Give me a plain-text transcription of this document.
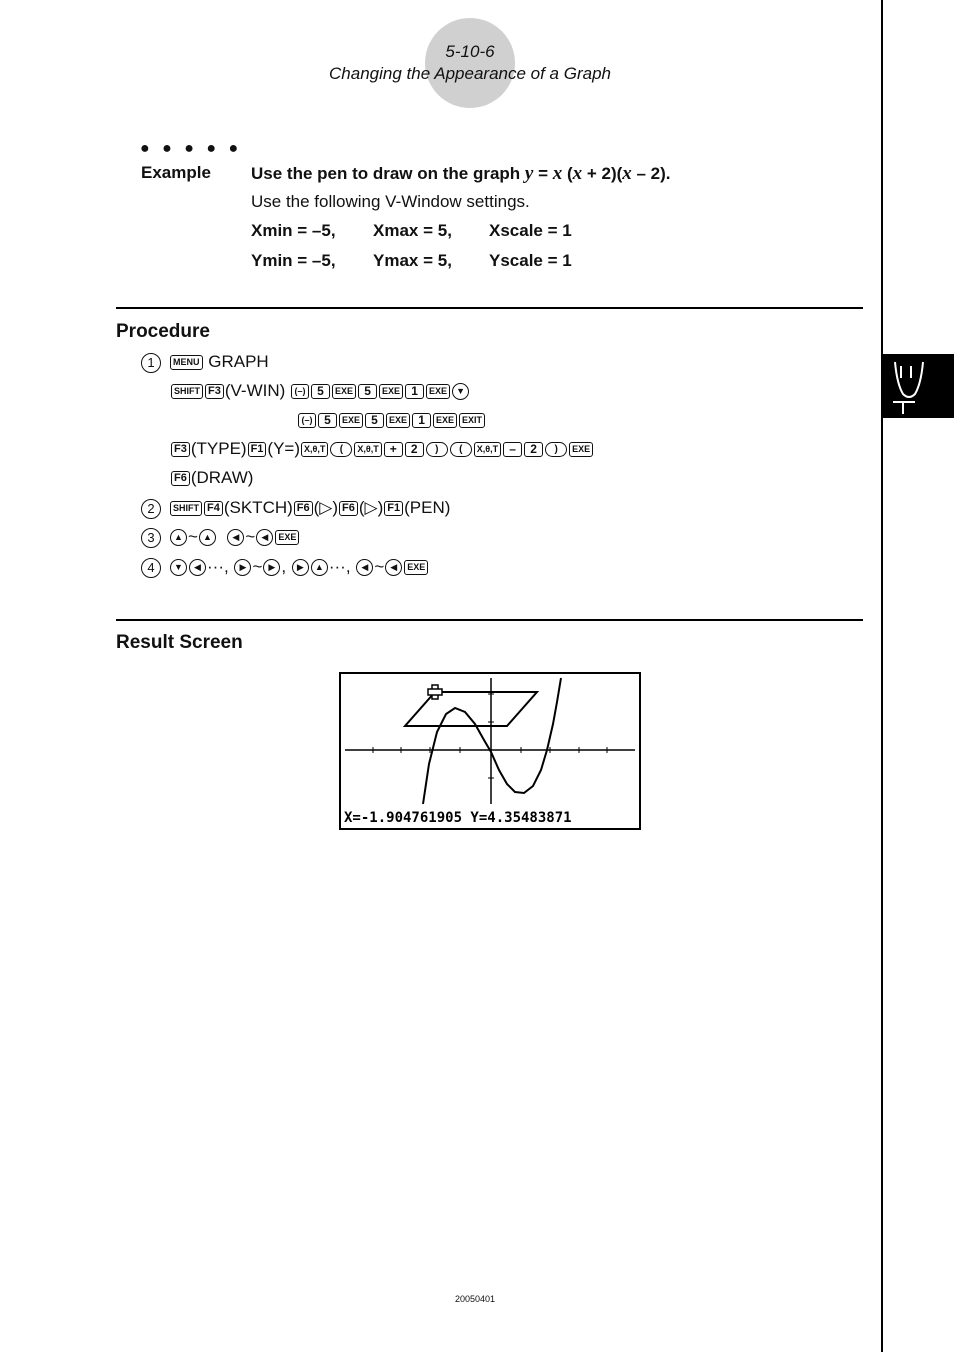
5-10-6
Changing the Appearance of a Graph
● ● ● ● ●
Example Use the pen to draw on the graph y = x (x + 2)(x – 2).
Use the following V-Window settings.
Xmin = –5, Xmax = 5, Xscale = 1
Ymin = –5, Ymax = 5, Yscale = 1
Procedure
1 MENU GRAPH
SHIFT F3 (V-WIN) (–) 5 EXE 5 EXE 1 EXE ▼
(–) 5 EXE 5 EXE 1 EXE EXIT
F3 (TYPE) F1 (Y=) X,θ,T ( X,θ,T + 2 ) ( X,θ,T – 2 ) EXE
F6 (DRAW)
2 SHIFT F4 (SKTCH) F6 (▷) F6 (▷) F1 (PEN)
3 ▲ ~ ▲ ◀ ~ ◀ EXE
4 ▼ ◀ ···, ▶ ~ ▶ , ▶ ▲ ···, ◀ ~ ◀ EXE
Result Screen
X=-1.904761905 Y=4.35483871
20050401
